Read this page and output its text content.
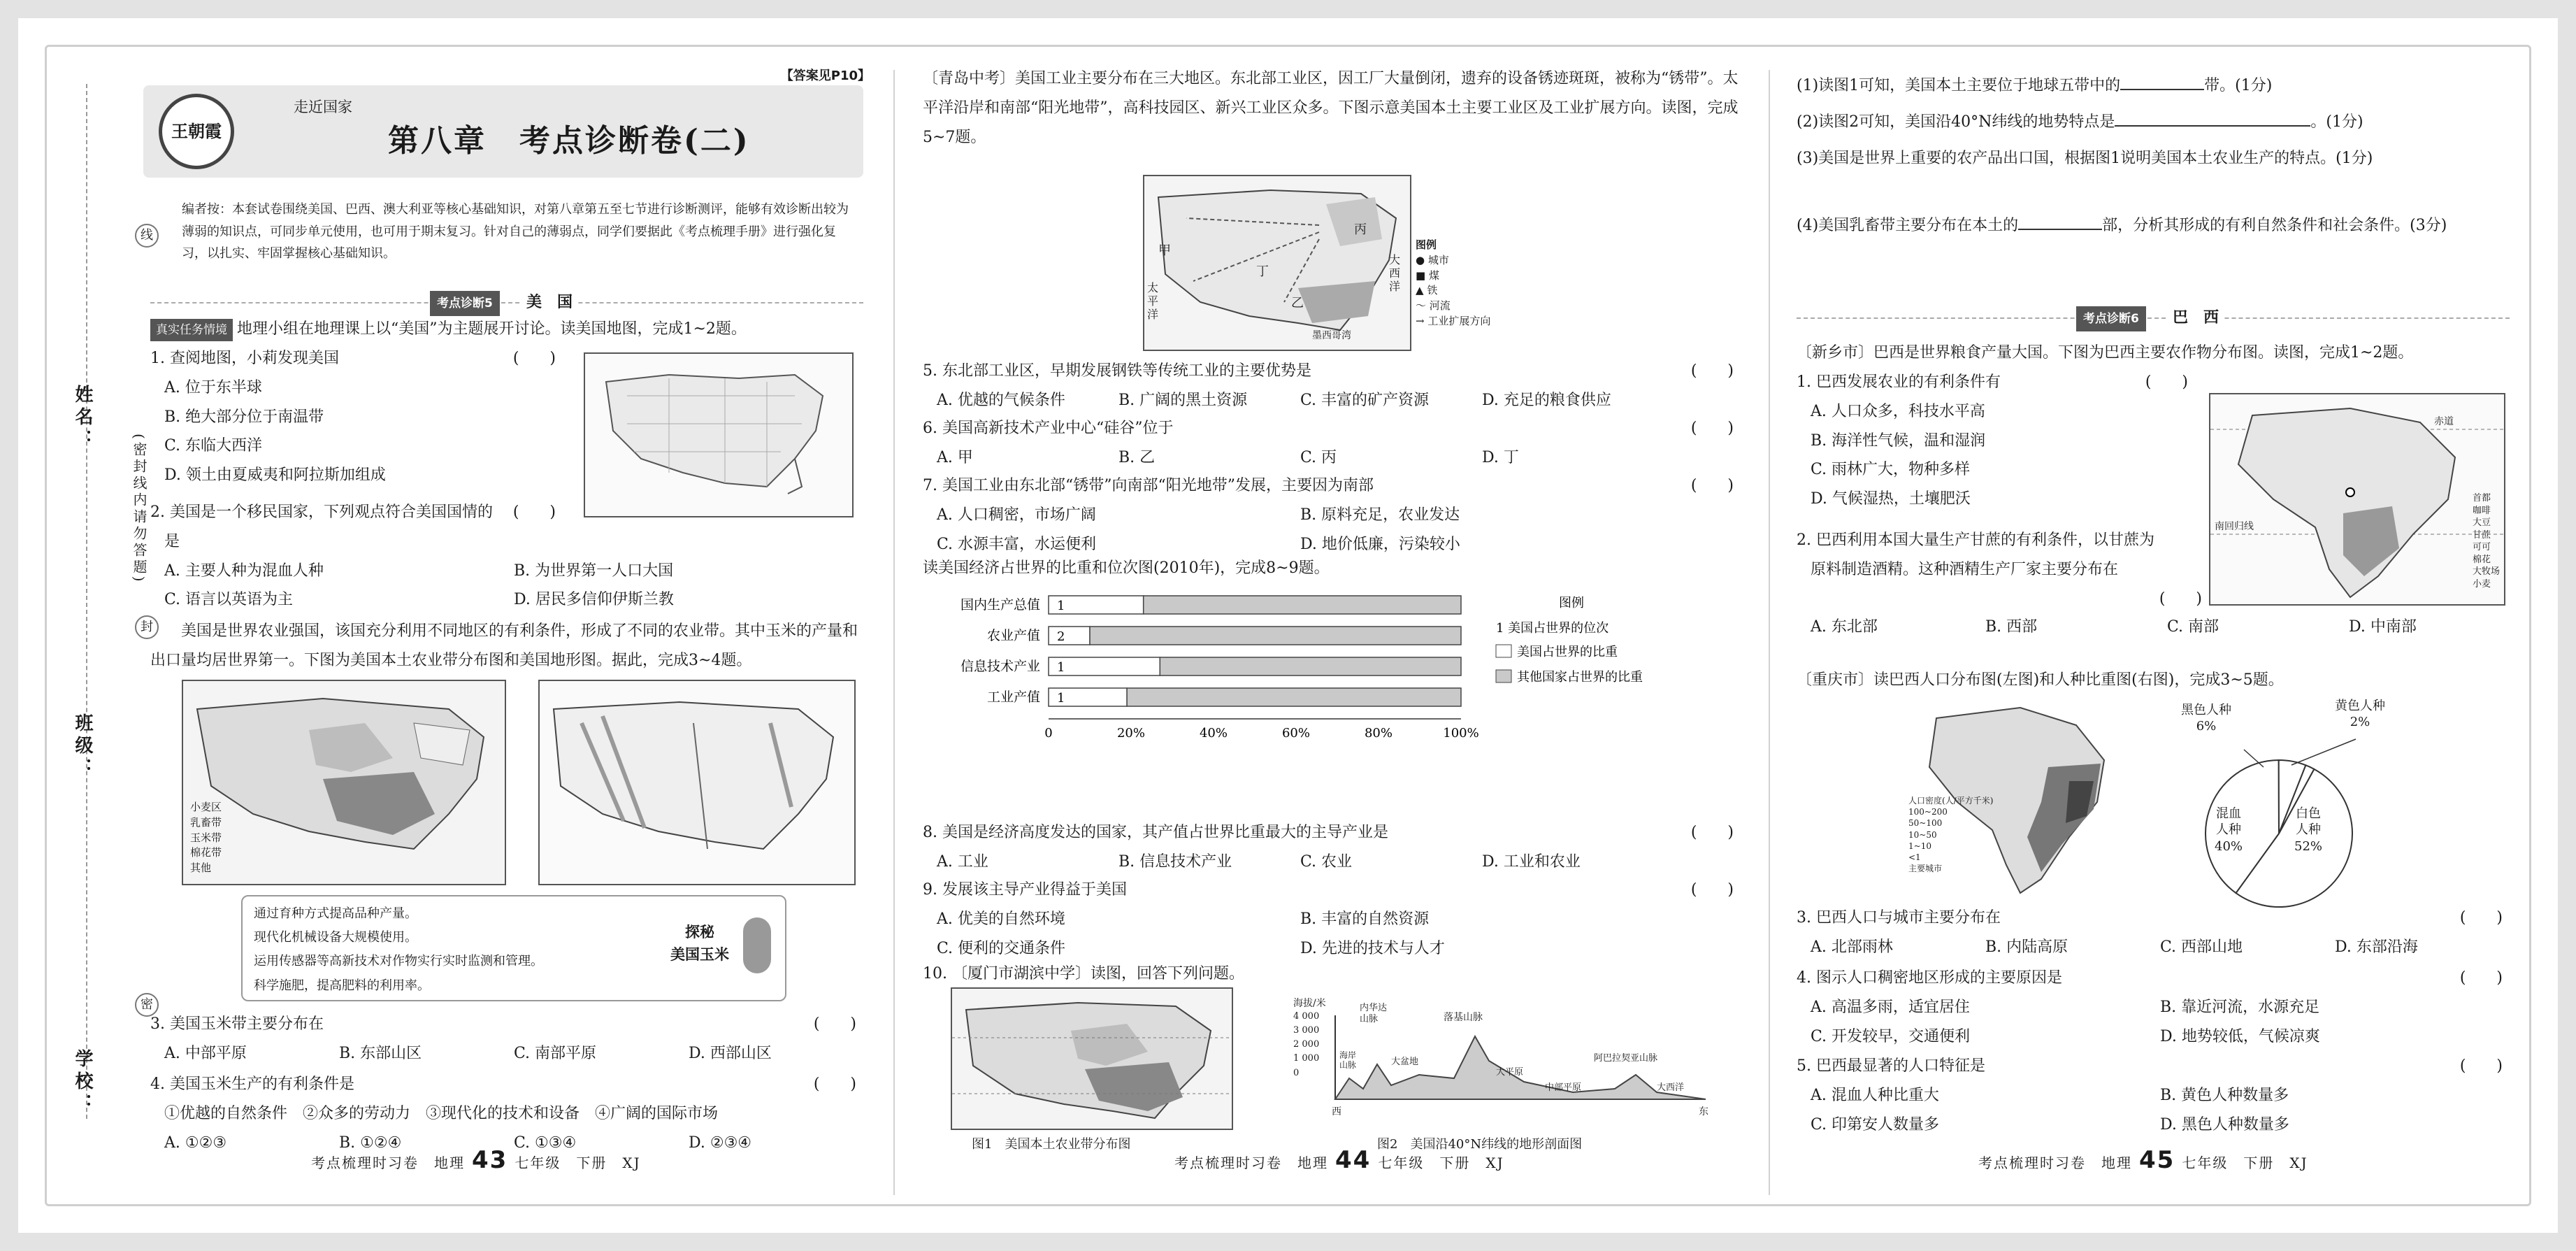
姓名：
班级：
学校：
线
(密封线内请勿答题)
封
密
【答案见P10】
王朝霞
走近国家
第八章　考点诊断卷(二)
编者按：本套试卷围绕美国、巴西、澳大利亚等核心基础知识，对第八章第五至七节进行诊断测评，能够有效诊断出较为薄弱的知识点，可同步单元使用，也可用于期末复习。针对自己的薄弱点，同学们要据此《考点梳理手册》进行强化复习，以扎实、牢固掌握核心基础知识。
考点诊断5	美　国
真实任务情境 地理小组在地理课上以“美国”为主题展开讨论。读美国地图，完成1~2题。
1. 查阅地图，小莉发现美国	(　　)
A. 位于东半球
B. 绝大部分位于南温带
C. 东临大西洋
D. 领土由夏威夷和阿拉斯加组成
2. 美国是一个移民国家，下列观点符合美国国情的 (　　)
是
A. 主要人种为混血人种	B. 为世界第一人口大国
C. 语言以英语为主	D. 居民多信仰伊斯兰教
美国是世界农业强国，该国充分利用不同地区的有利条件，形成了不同的农业带。其中玉米的产量和出口量均居世界第一。下图为美国本土农业带分布图和美国地形图。据此，完成3~4题。
小麦区
乳畜带
玉米带
棉花带
其他
通过育种方式提高品种产量。
现代化机械设备大规模使用。
运用传感器等高新技术对作物实行实时监测和管理。
科学施肥，提高肥料的利用率。
探秘
美国玉米
3. 美国玉米带主要分布在	(　　)
A. 中部平原	B. 东部山区	C. 南部平原	D. 西部山区
4. 美国玉米生产的有利条件是	(　　)
①优越的自然条件　②众多的劳动力　③现代化的技术和设备　④广阔的国际市场
A. ①②③	B. ①②④	C. ①③④	D. ②③④
考点梳理时习卷　地理 43 七年级　下册　XJ
〔青岛中考〕美国工业主要分布在三大地区。东北部工业区，因工厂大量倒闭，遗弃的设备锈迹斑斑，被称为“锈带”。太平洋沿岸和南部“阳光地带”，高科技园区、新兴工业区众多。下图示意美国本土主要工业区及工业扩展方向。读图，完成5~7题。
甲
乙
丙
丁
太平洋
大西洋
墨西哥湾
图例
● 城市
■ 煤
▲ 铁
～ 河流
→ 工业扩展方向
5. 东北部工业区，早期发展钢铁等传统工业的主要优势是	(　　)
A. 优越的气候条件	B. 广阔的黑土资源	C. 丰富的矿产资源	D. 充足的粮食供应
6. 美国高新技术产业中心“硅谷”位于	(　　)
A. 甲	B. 乙	C. 丙	D. 丁
7. 美国工业由东北部“锈带”向南部“阳光地带”发展，主要因为南部	(　　)
A. 人口稠密，市场广阔	B. 原料充足，农业发达
C. 水源丰富，水运便利	D. 地价低廉，污染较小
读美国经济占世界的比重和位次图(2010年)，完成8~9题。
国内生产总值 1
农业产值 2
信息技术产业 1
工业产值 1
0	20%	40%	60%	80%	100%
图例
1 美国占世界的位次
美国占世界的比重
其他国家占世界的比重
8. 美国是经济高度发达的国家，其产值占世界比重最大的主导产业是	(　　)
A. 工业	B. 信息技术产业	C. 农业	D. 工业和农业
9. 发展该主导产业得益于美国	(　　)
A. 优美的自然环境	B. 丰富的自然资源
C. 便利的交通条件	D. 先进的技术与人才
10. 〔厦门市湖滨中学〕读图，回答下列问题。
图1　美国本土农业带分布图
海拔/米
4 000
3 000
2 000
1 000
0
内华达山脉	落基山脉
海岸山脉	大盆地
大平原
中部平原
阿巴拉契亚山脉
大西洋
西	东
图2　美国沿40°N纬线的地形剖面图
考点梳理时习卷　地理 44 七年级　下册　XJ
(1)读图1可知，美国本土主要位于地球五带中的	带。(1分)
(2)读图2可知，美国沿40°N纬线的地势特点是	。(1分)
(3)美国是世界上重要的农产品出口国，根据图1说明美国本土农业生产的特点。(1分)
(4)美国乳畜带主要分布在本土的	部，分析其形成的有利自然条件和社会条件。(3分)
考点诊断6	巴　西
〔新乡市〕巴西是世界粮食产量大国。下图为巴西主要农作物分布图。读图，完成1~2题。
1. 巴西发展农业的有利条件有	(　　)
A. 人口众多，科技水平高
B. 海洋性气候，温和湿润
C. 雨林广大，物种多样
D. 气候湿热，土壤肥沃
赤道
南回归线
首都
咖啡
大豆
甘蔗
可可
棉花
大牧场
小麦
2. 巴西利用本国大量生产甘蔗的有利条件，以甘蔗为
原料制造酒精。这种酒精生产厂家主要分布在
(　　)
A. 东北部	B. 西部	C. 南部	D. 中南部
〔重庆市〕读巴西人口分布图(左图)和人种比重图(右图)，完成3~5题。
人口密度(人/平方千米)
100~200
50~100
10~50
1~10
<1
主要城市
黑色人种
6%
黄色人种
2%
混血
人种
40%
白色
人种
52%
3. 巴西人口与城市主要分布在	(　　)
A. 北部雨林	B. 内陆高原	C. 西部山地	D. 东部沿海
4. 图示人口稠密地区形成的主要原因是	(　　)
A. 高温多雨，适宜居住	B. 靠近河流，水源充足
C. 开发较早，交通便利	D. 地势较低，气候凉爽
5. 巴西最显著的人口特征是	(　　)
A. 混血人种比重大	B. 黄色人种数量多
C. 印第安人数量多	D. 黑色人种数量多
考点梳理时习卷　地理 45 七年级　下册　XJ
